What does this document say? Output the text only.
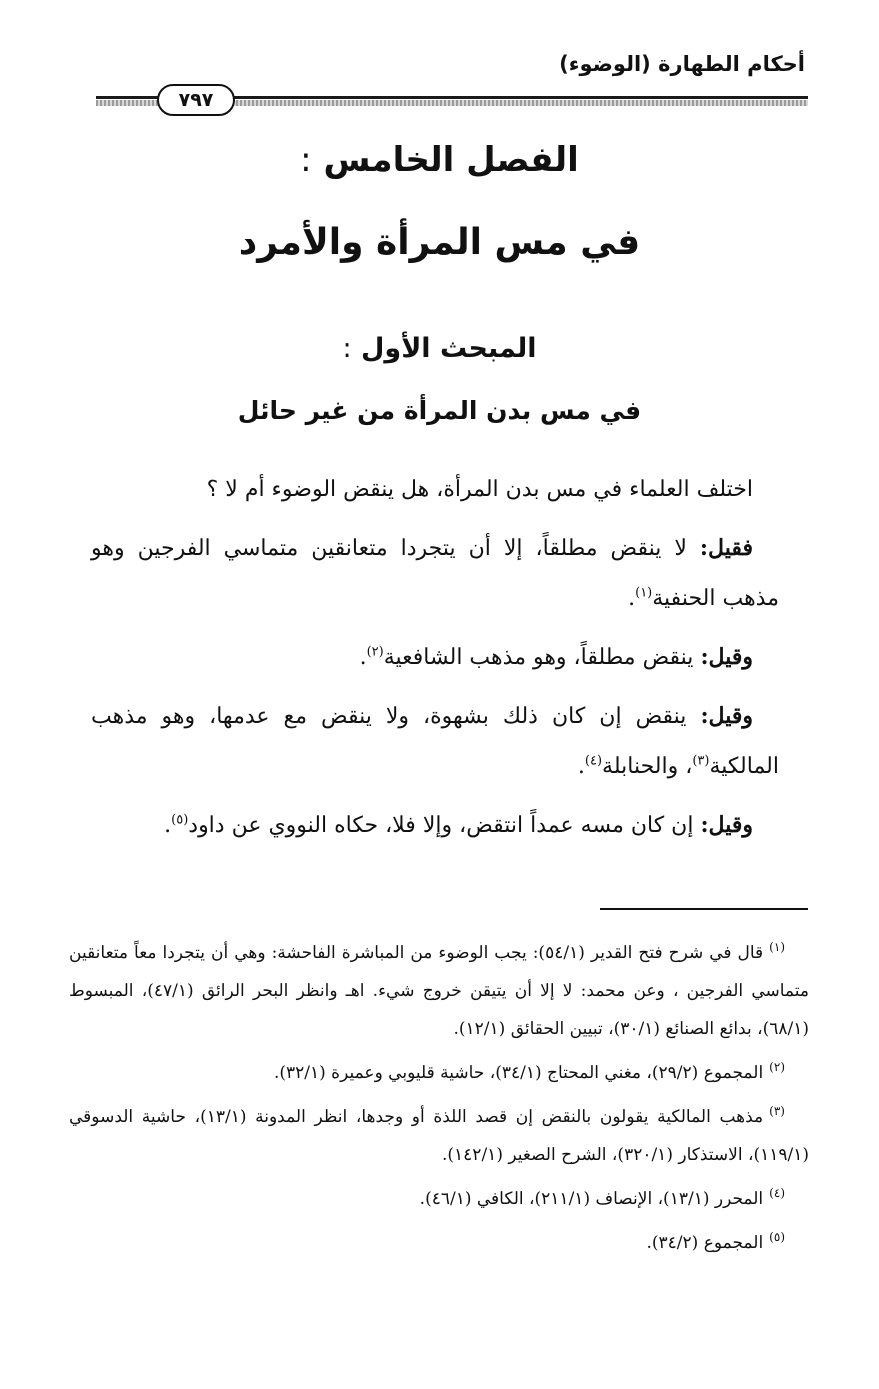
أحكام الطهارة (الوضوء)
٧٩٧
الفصل الخامس :
في مس المرأة والأمرد
المبحث الأول :
في مس بدن المرأة من غير حائل

اختلف العلماء في مس بدن المرأة، هل ينقض الوضوء أم لا ؟

فقيل: لا ينقض مطلقاً، إلا أن يتجردا متعانقين متماسي الفرجين وهو مذهب الحنفية$^{(١)}$.

وقيل: ينقض مطلقاً، وهو مذهب الشافعية$^{(٢)}$.

وقيل: ينقض إن كان ذلك بشهوة، ولا ينقض مع عدمها، وهو مذهب المالكية$^{(٣)}$، والحنابلة$^{(٤)}$.

وقيل: إن كان مسه عمداً انتقض، وإلا فلا، حكاه النووي عن داود$^{(٥)}$.

$^{(١)}$قال في شرح فتح القدير (٥٤/١): يجب الوضوء من المباشرة الفاحشة: وهي أن يتجردا معاً متعانقين متماسي الفرجين ، وعن محمد: لا إلا أن يتيقن خروج شيء. اهـ وانظر البحر الرائق (٤٧/١)، المبسوط (٦٨/١)، بدائع الصنائع (٣٠/١)، تبيين الحقائق (١٢/١).

$^{(٢)}$المجموع (٢٩/٢)، مغني المحتاج (٣٤/١)، حاشية قليوبي وعميرة (٣٢/١).

$^{(٣)}$مذهب المالكية يقولون بالنقض إن قصد اللذة أو وجدها، انظر المدونة (١٣/١)، حاشية الدسوقي (١١٩/١)، الاستذكار (٣٢٠/١)، الشرح الصغير (١٤٢/١).

$^{(٤)}$المحرر (١٣/١)، الإنصاف (٢١١/١)، الكافي (٤٦/١).

$^{(٥)}$المجموع (٣٤/٢).
